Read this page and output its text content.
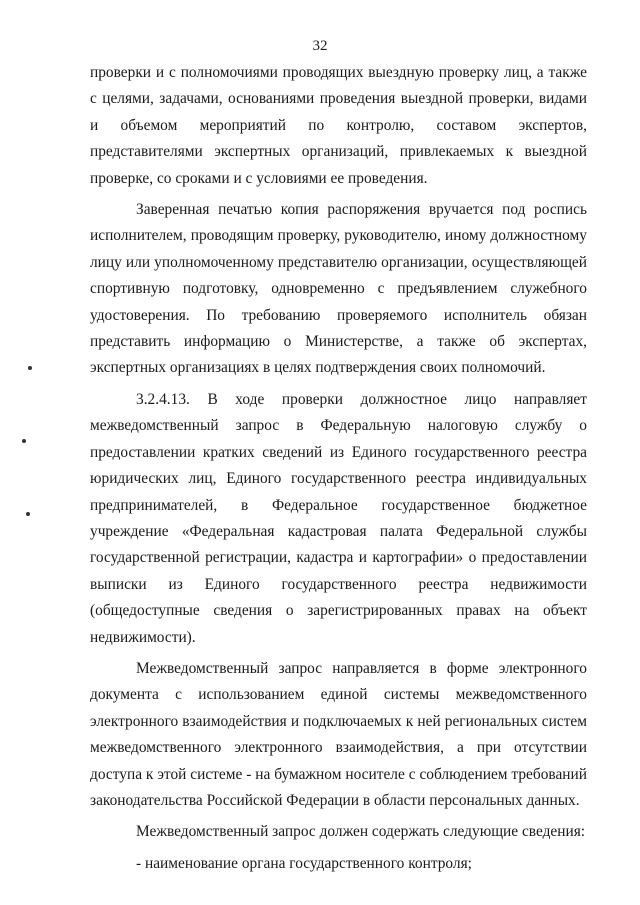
32

проверки и с полномочиями проводящих выездную проверку лиц, а также с целями, задачами, основаниями проведения выездной проверки, видами и объемом мероприятий по контролю, составом экспертов, представителями экспертных организаций, привлекаемых к выездной проверке, со сроками и с условиями ее проведения.

Заверенная печатью копия распоряжения вручается под роспись исполнителем, проводящим проверку, руководителю, иному должностному лицу или уполномоченному представителю организации, осуществляющей спортивную подготовку, одновременно с предъявлением служебного удостоверения. По требованию проверяемого исполнитель обязан представить информацию о Министерстве, а также об экспертах, экспертных организациях в целях подтверждения своих полномочий.

3.2.4.13. В ходе проверки должностное лицо направляет межведомственный запрос в Федеральную налоговую службу о предоставлении кратких сведений из Единого государственного реестра юридических лиц, Единого государственного реестра индивидуальных предпринимателей, в Федеральное государственное бюджетное учреждение «Федеральная кадастровая палата Федеральной службы государственной регистрации, кадастра и картографии» о предоставлении выписки из Единого государственного реестра недвижимости (общедоступные сведения о зарегистрированных правах на объект недвижимости).

Межведомственный запрос направляется в форме электронного документа с использованием единой системы межведомственного электронного взаимодействия и подключаемых к ней региональных систем межведомственного электронного взаимодействия, а при отсутствии доступа к этой системе - на бумажном носителе с соблюдением требований законодательства Российской Федерации в области персональных данных.

Межведомственный запрос должен содержать следующие сведения:

- наименование органа государственного контроля;
